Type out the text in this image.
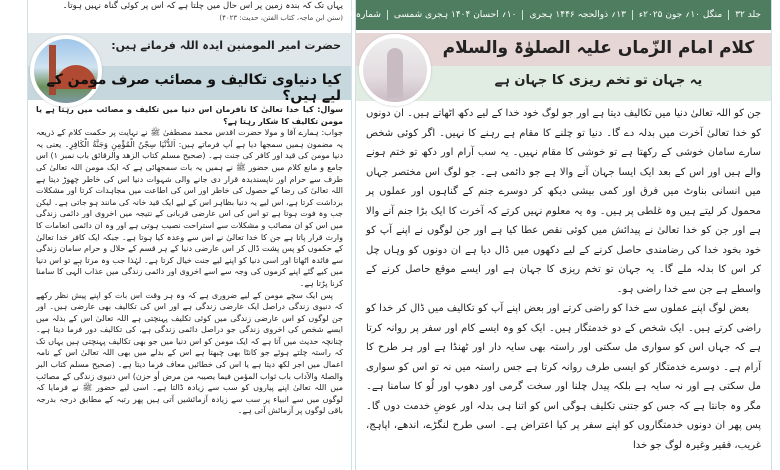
یہاں تک کہ بندہ زمین پر اس حال میں چلتا ہے کہ اس پر کوئی گناہ نہیں ہوتا۔
(سنن ابن ماجہ، کتاب الفتن، حدیث: ۴۰۲۳)
حضرت امیر المومنین ایدہ اللہ فرماتے ہیں:
کیا دنیاوی تکالیف و مصائب صرف مومن کے لیے ہیں؟

سوال: کیا خدا تعالیٰ کا نافرمان اس دنیا میں تکلیف و مصائب میں رہتا ہے یا مومن تکالیف کا شکار رہتا ہے؟

جواب: ہمارے آقا و مولا حضرت اقدس محمد مصطفیٰ ﷺ نے نہایت پر حکمت کلام کے ذریعہ یہ مضمون ہمیں سمجھا دیا ہے آپ فرماتے ہیں: اَلدُّنْيَا سِجْنُ الْمُؤْمِنِ وَجَنَّةُ الْكَافِرِ۔ یعنی یہ دنیا مومن کی قید اور کافر کی جنت ہے۔ (صحیح مسلم کتاب الزھد والرقائق باب نمبر ۱) اس جامع و مانع کلام میں حضور ﷺ نے ہمیں یہ بات سمجھائی ہے کہ ایک مومن اللہ تعالیٰ کی طرف سے حرام اور ناپسندیدہ قرار دی جانے والی شہوات دنیا اس کی خاطر چھوڑ دیتا ہے اللہ تعالیٰ کی رضا کے حصول کی خاطر اور اس کی اطاعت میں مجاہدات کرتا اور مشکلات برداشت کرتا ہے، اس لیے یہ دنیا بظاہر اس کے لیے ایک قید خانہ کی مانند ہو جاتی ہے۔ لیکن جب وہ فوت ہوتا ہے تو اس کی اس عارضی قربانی کے نتیجہ میں اخروی اور دائمی زندگی میں اس کو ان مصائب و مشکلات سے استراحت نصیب ہوتی ہے اور وہ ان دائمی انعامات کا وارث قرار پاتا ہے جن کا خدا تعالیٰ نے اس سے وعدہ کیا ہوتا ہے۔ جبکہ ایک کافر خدا تعالیٰ کے حکموں کو پس پشت ڈال کر اس عارضی دنیا کے ہر قسم کے حلال و حرام سامان زندگی سے فائدہ اٹھاتا اور اسی دنیا کو اپنے لیے جنت خیال کرتا ہے۔ لہٰذا جب وہ مرتا ہے تو اس دنیا میں کیے گئے اپنے کرموں کی وجہ سے اسے اخروی اور دائمی زندگی میں عذاب الٰہی کا سامنا کرنا پڑتا ہے۔

پس ایک سچے مومن کے لیے ضروری ہے کہ وہ ہر وقت اس بات کو اپنے پیش نظر رکھے کہ دنیوی زندگی دراصل ایک عارضی زندگی ہے اور اس کی تکالیف بھی عارضی ہیں۔ اور جن لوگوں کو اس عارضی زندگی میں کوئی تکلیف پہنچتی ہے اللہ تعالیٰ اس کے بدلہ میں ایسے شخص کی اخروی زندگی جو دراصل دائمی زندگی ہے، کی تکالیف دور فرما دیتا ہے۔ چنانچہ حدیث میں آتا ہے کہ ایک مومن کو اس دنیا میں جو بھی تکالیف پہنچتی ہیں یہاں تک کہ راستہ چلتے ہوئے جو کانٹا بھی چبھتا ہے اس کے بدلے میں بھی اللہ تعالیٰ اس کے نامہ اعمال میں اجر لکھ دیتا ہے یا اس کی خطائیں معاف فرما دیتا ہے۔ (صحیح مسلم کتاب البر والصلۃ والآداب باب ثواب المؤمن فیما یصیبہ من مرض أو حزن) اس دنیوی زندگی کے مصائب میں اللہ تعالیٰ اپنے پیاروں کو سب سے زیادہ ڈالتا ہے۔ اسی لیے حضور ﷺ نے فرمایا کہ لوگوں میں سے انبیاء پر سب سے زیادہ آزمائشیں آتی ہیں پھر رتبہ کے مطابق درجہ بدرجہ باقی لوگوں پر آزمائش آتی ہے۔

جلد ۳۲
منگل ۱۰؍ جون ۲۰۲۵ء
۱۳؍ ذوالحجہ ۱۴۴۶ ہجری
۱۰؍ احسان ۱۴۰۴ ہجری شمسی
شمارہ ۱۳۶
کلام امام الزّماں علیہ الصلوٰۃ والسلام
یہ جہان تو تخم ریزی کا جہان ہے

جن کو اللہ تعالیٰ دنیا میں تکالیف دیتا ہے اور جو لوگ خود خدا کے لیے دکھ اٹھاتے ہیں۔ ان دونوں کو خدا تعالیٰ آخرت میں بدلہ دے گا۔ دنیا تو چلنے کا مقام ہے رہنے کا نہیں۔ اگر کوئی شخص سارے سامان خوشی کے رکھتا ہے تو خوشی کا مقام نہیں۔ یہ سب آرام اور دکھ تو ختم ہونے والے ہیں اور اس کے بعد ایک ایسا جہان آنے والا ہے جو دائمی ہے۔ جو لوگ اس مختصر جہاں میں انسانی بناوٹ میں فرق اور کمی بیشی دیکھ کر دوسرے جنم کے گناہوں اور عملوں پر محمول کر لیتے ہیں وہ غلطی پر ہیں۔ وہ یہ معلوم نہیں کرتے کہ آخرت کا ایک بڑا جنم آنے والا ہے اور جن کو خدا تعالیٰ نے پیدائش میں کوئی نقص عطا کیا ہے اور جن لوگوں نے اپنے آپ کو خود بخود خدا کی رضامندی حاصل کرنے کے لیے دکھوں میں ڈال دیا ہے ان دونوں کو وہاں چل کر اس کا بدلہ ملے گا۔ یہ جہان تو تخم ریزی کا جہان ہے اور ایسے موقع حاصل کرنے کے واسطے ہے جن سے خدا راضی ہو۔

بعض لوگ اپنے عملوں سے خدا کو راضی کرتے اور بعض اپنے آپ کو تکالیف میں ڈال کر خدا کو راضی کرتے ہیں۔ ایک شخص کے دو خدمتگار ہیں۔ ایک کو وہ ایسے کام اور سفر پر روانہ کرتا ہے کہ جہاں اس کو سواری مل سکتی اور راستہ بھی سایہ دار اور ٹھنڈا ہے اور ہر طرح کا آرام ہے۔ دوسرے خدمتگار کو ایسی طرف روانہ کرتا ہے جس راستہ میں نہ تو اس کو سواری مل سکتی ہے اور نہ سایہ ہے بلکہ پیدل چلنا اور سخت گرمی اور دھوپ اور لُو کا سامنا ہے۔ مگر وہ جانتا ہے کہ جس کو جتنی تکلیف ہوگی اس کو اتنا ہی بدلہ اور عوضِ خدمت دوں گا۔ پس پھر ان دونوں خدمتگاروں کو اپنے سفر پر کیا اعتراض ہے۔ اسی طرح لنگڑے، اندھے، اپاہج، غریب، فقیر وغیرہ لوگ جو خدا
